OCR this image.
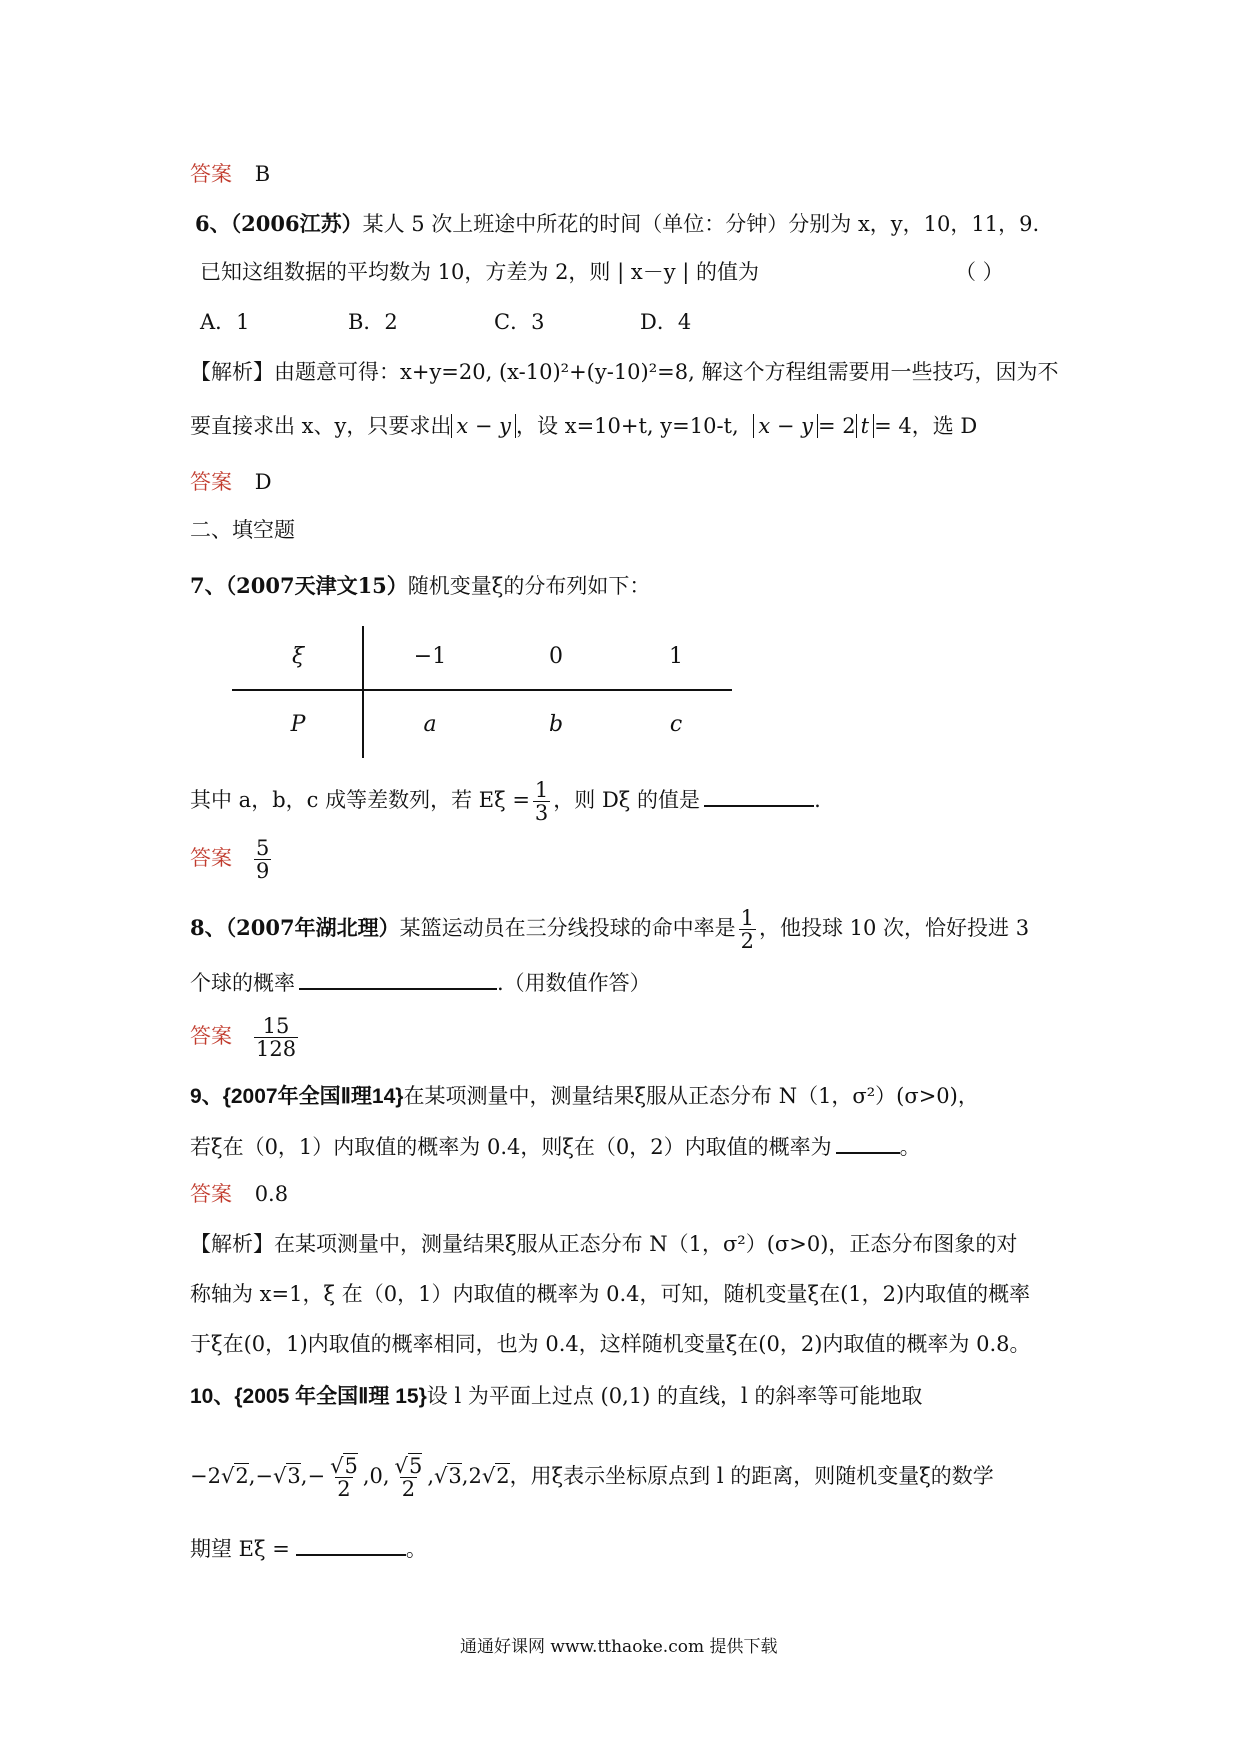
答案 B
6、（2006江苏）某人 5 次上班途中所花的时间（单位：分钟）分别为 x，y，10，11，9.
已知这组数据的平均数为 10，方差为 2，则 | x－y | 的值为	（ ）
A．1	B．2	C．3	D．4
【解析】由题意可得：x+y=20, (x-10)²+(y-10)²=8, 解这个方程组需要用一些技巧，因为不
要直接求出 x、y，只要求出 x − y ，设 x=10+t, y=10-t, x − y = 2 t = 4，选 D
答案 D
二、填空题
7、（2007天津文15）随机变量ξ的分布列如下：
ξ	−1	0	1
P	a	b	c
其中 a，b，c 成等差数列，若 $E\xi = \frac{1}{3}$ ，则 Dξ 的值是	.
答案 $\frac{5}{9}$
8、（2007年湖北理）某篮运动员在三分线投球的命中率是 $\frac{1}{2}$ ，他投球 10 次，恰好投进 3
个球的概率	.（用数值作答）
答案 $\frac{15}{128}$
9、{2007年全国Ⅱ理14}在某项测量中，测量结果ξ服从正态分布 N（1，σ²）(σ>0)，
若ξ在（0，1）内取值的概率为 0.4，则ξ在（0，2）内取值的概率为	。
答案 0.8
【解析】在某项测量中，测量结果ξ服从正态分布 N（1，σ²）(σ>0)，正态分布图象的对
称轴为 x=1，ξ 在（0，1）内取值的概率为 0.4，可知，随机变量ξ在(1，2)内取值的概率
于ξ在(0，1)内取值的概率相同，也为 0.4，这样随机变量ξ在(0，2)内取值的概率为 0.8。
10、{2005 年全国Ⅱ理 15}设 l 为平面上过点 (0,1) 的直线，l 的斜率等可能地取
$-2√2,-√3,- \frac{√5}{2} ,0$, $\frac{√5}{2} ,√3,2√2$，用ξ表示坐标原点到 l 的距离，则随机变量ξ的数学
期望 Eξ =	。
通通好课网 www.tthaoke.com 提供下载
